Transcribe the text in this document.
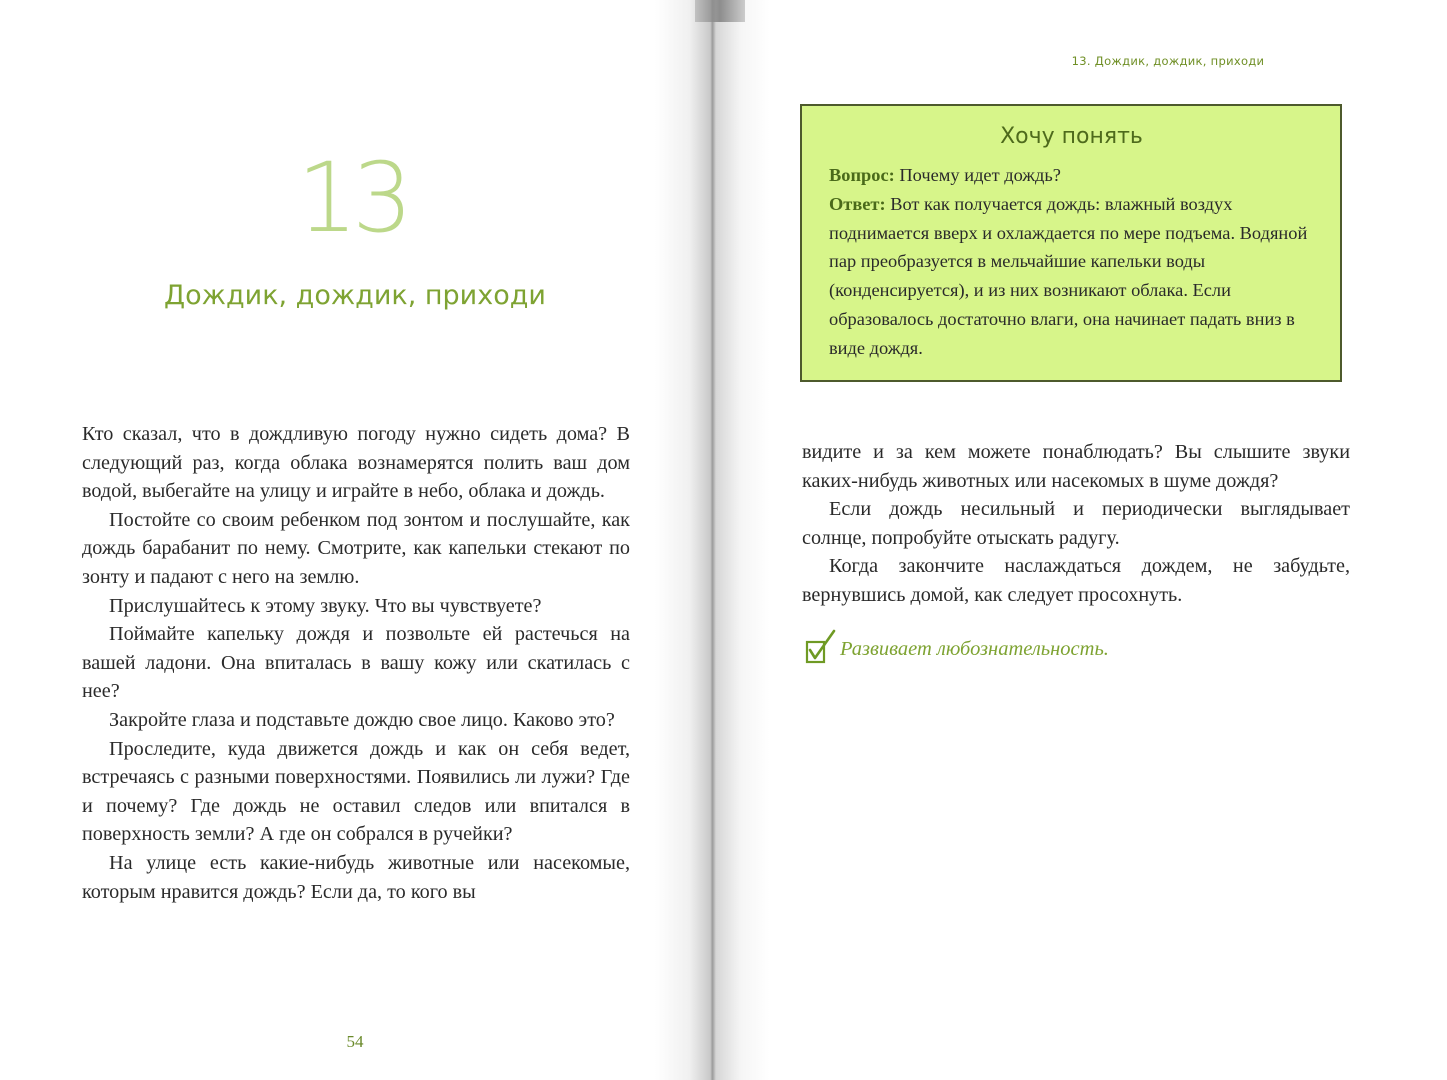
13
Дождик, дождик, приходи

Кто сказал, что в дождливую погоду нужно сидеть дома? В следующий раз, когда облака вознамерятся полить ваш дом водой, выбегайте на улицу и играйте в небо, облака и дождь.

Постойте со своим ребенком под зонтом и послушайте, как дождь барабанит по нему. Смотрите, как капельки стекают по зонту и падают с него на землю.

Прислушайтесь к этому звуку. Что вы чувствуете?

Поймайте капельку дождя и позвольте ей растечься на вашей ладони. Она впиталась в вашу кожу или скатилась с нее?

Закройте глаза и подставьте дождю свое лицо. Каково это?

Проследите, куда движется дождь и как он себя ведет, встречаясь с разными поверхностями. Появились ли лужи? Где и почему? Где дождь не оставил следов или впитался в поверхность земли? А где он собрался в ручейки?

На улице есть какие-нибудь животные или насекомые, которым нравится дождь? Если да, то кого вы

54
13. Дождик, дождик, приходи
Хочу понять

Вопрос: Почему идет дождь?

Ответ: Вот как получается дождь: влажный воздух поднимается вверх и охлаждается по мере подъема. Водяной пар преобразуется в мельчайшие капельки воды (конденсируется), и из них возникают облака. Если образовалось достаточно влаги, она начинает падать вниз в виде дождя.

видите и за кем можете понаблюдать? Вы слышите звуки каких-нибудь животных или насекомых в шуме дождя?

Если дождь несильный и периодически выглядывает солнце, попробуйте отыскать радугу.

Когда закончите наслаждаться дождем, не забудьте, вернувшись домой, как следует просохнуть.

Развивает любознательность.
